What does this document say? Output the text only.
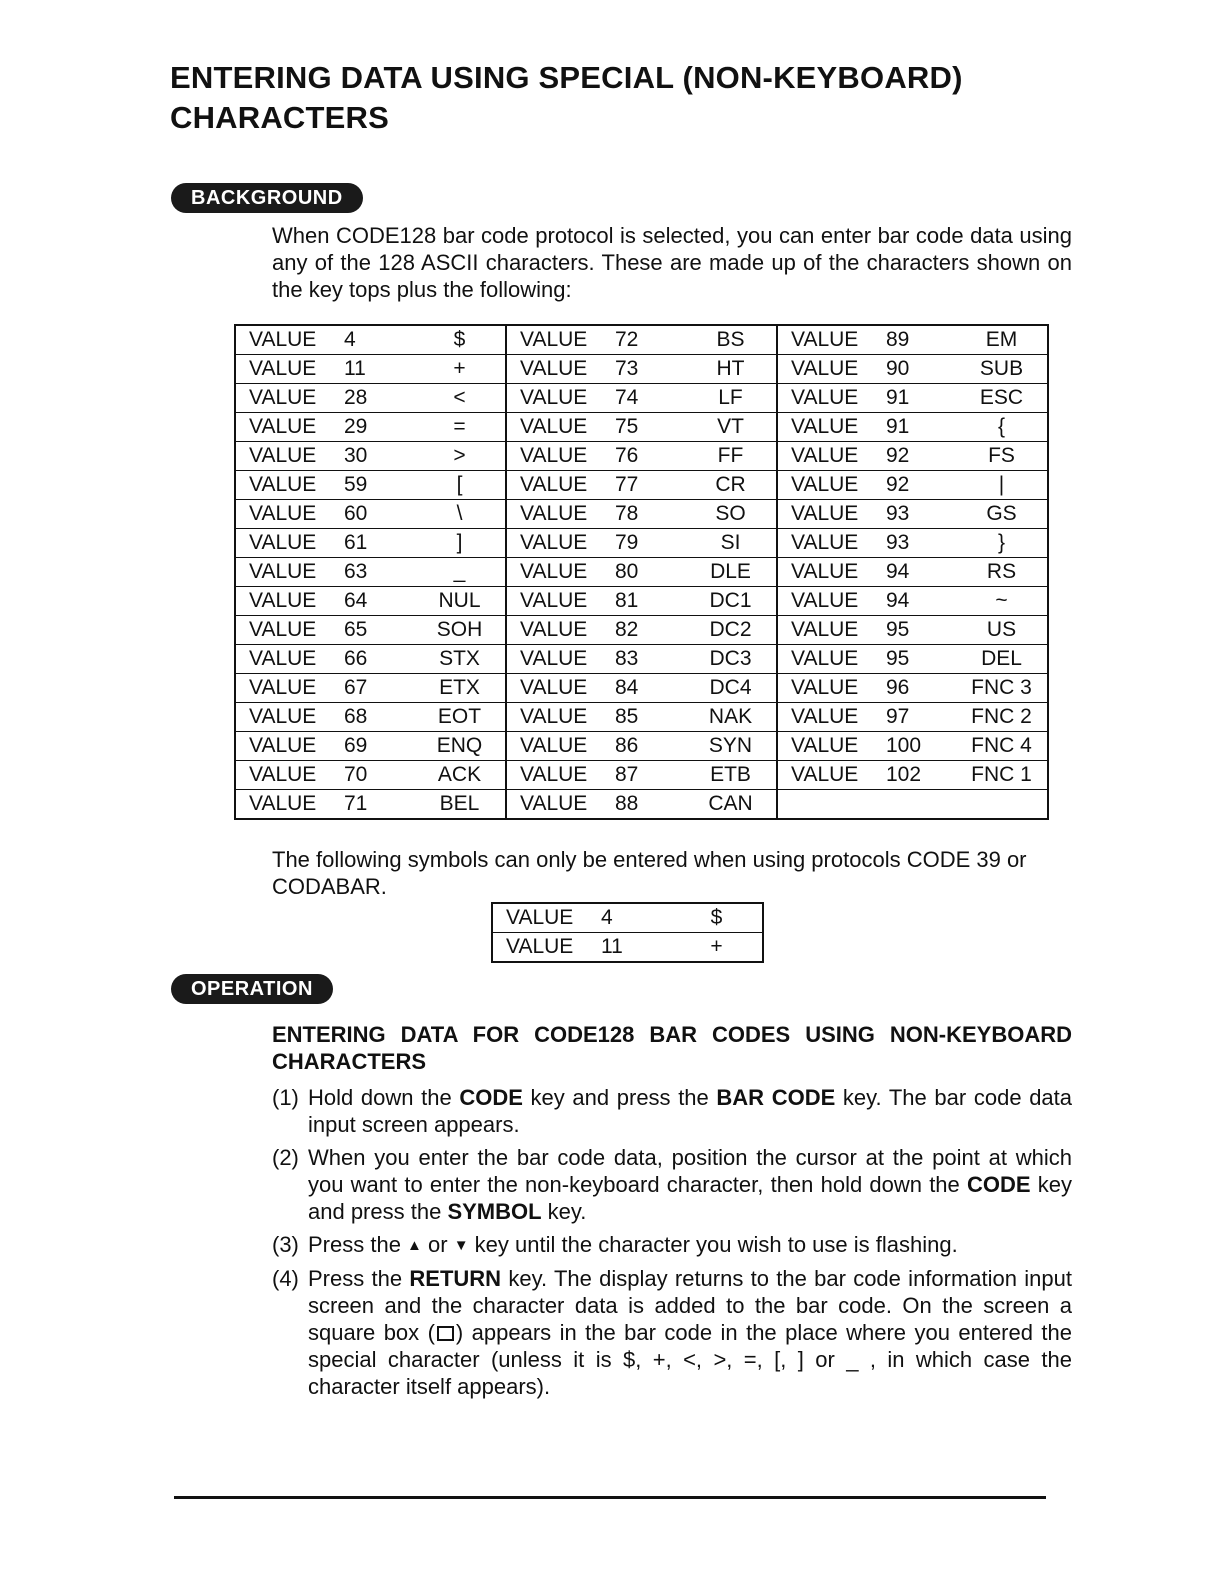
ENTERING DATA USING SPECIAL (NON-KEYBOARD) CHARACTERS
BACKGROUND
When CODE128 bar code protocol is selected, you can enter bar code data using any of the 128 ASCII characters. These are made up of the characters shown on the key tops plus the following:
VALUE	4	$	VALUE	72	BS	VALUE	89	EM
VALUE	11	+	VALUE	73	HT	VALUE	90	SUB
VALUE	28	<	VALUE	74	LF	VALUE	91	ESC
VALUE	29	=	VALUE	75	VT	VALUE	91	{
VALUE	30	>	VALUE	76	FF	VALUE	92	FS
VALUE	59	[	VALUE	77	CR	VALUE	92	|
VALUE	60	\	VALUE	78	SO	VALUE	93	GS
VALUE	61	]	VALUE	79	SI	VALUE	93	}
VALUE	63	_	VALUE	80	DLE	VALUE	94	RS
VALUE	64	NUL	VALUE	81	DC1	VALUE	94	~
VALUE	65	SOH	VALUE	82	DC2	VALUE	95	US
VALUE	66	STX	VALUE	83	DC3	VALUE	95	DEL
VALUE	67	ETX	VALUE	84	DC4	VALUE	96	FNC 3
VALUE	68	EOT	VALUE	85	NAK	VALUE	97	FNC 2
VALUE	69	ENQ	VALUE	86	SYN	VALUE	100	FNC 4
VALUE	70	ACK	VALUE	87	ETB	VALUE	102	FNC 1
VALUE	71	BEL	VALUE	88	CAN			
The following symbols can only be entered when using protocols CODE 39 or CODABAR.
VALUE	4	$
VALUE	11	+
OPERATION
ENTERING DATA FOR CODE128 BAR CODES USING NON-KEYBOARD CHARACTERS
(1) Hold down the CODE key and press the BAR CODE key. The bar code data input screen appears.
(2) When you enter the bar code data, position the cursor at the point at which you want to enter the non-keyboard character, then hold down the CODE key and press the SYMBOL key.
(3) Press the ▲ or ▼ key until the character you wish to use is flashing.
(4) Press the RETURN key. The display returns to the bar code information input screen and the character data is added to the bar code. On the screen a square box ( ) appears in the bar code in the place where you entered the special character (unless it is $, +, <, >, =, [, ] or _ , in which case the character itself appears).
